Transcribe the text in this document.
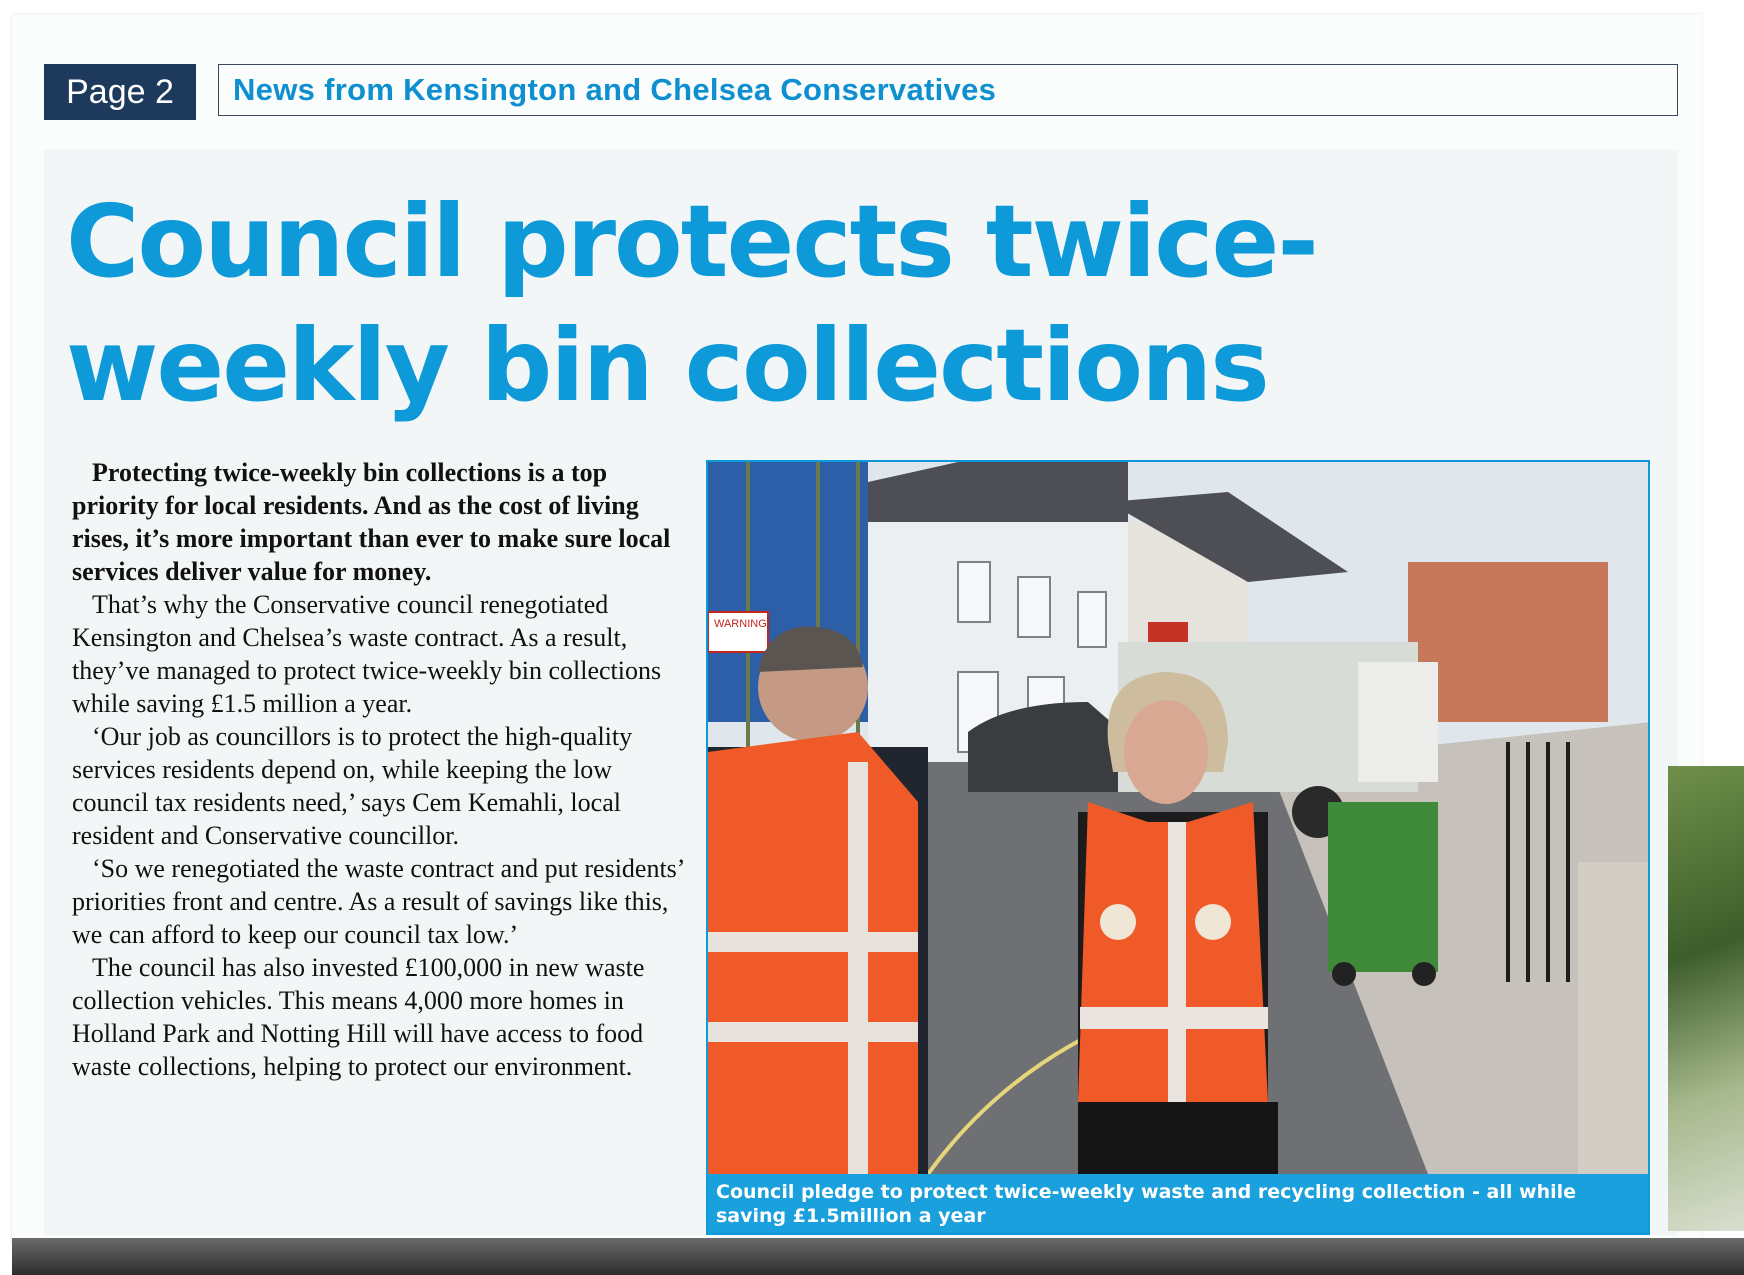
Page 2	News from Kensington and Chelsea Conservatives
Council protects twice-weekly bin collections

Protecting twice-weekly bin collections is a top priority for local residents. And as the cost of living rises, it’s more important than ever to make sure local services deliver value for money.

That’s why the Conservative council renegotiated Kensington and Chelsea’s waste contract. As a result, they’ve managed to protect twice-weekly bin collections while saving £1.5 million a year.

‘Our job as councillors is to protect the high-quality services residents depend on, while keeping the low council tax residents need,’ says Cem Kemahli, local resident and Conservative councillor.

‘So we renegotiated the waste contract and put residents’ priorities front and centre. As a result of savings like this, we can afford to keep our council tax low.’

The council has also invested £100,000 in new waste collection vehicles. This means 4,000 more homes in Holland Park and Notting Hill will have access to food waste collections, helping to protect our environment.

WARNING
Council pledge to protect twice-weekly waste and recycling collection - all while saving £1.5million a year
